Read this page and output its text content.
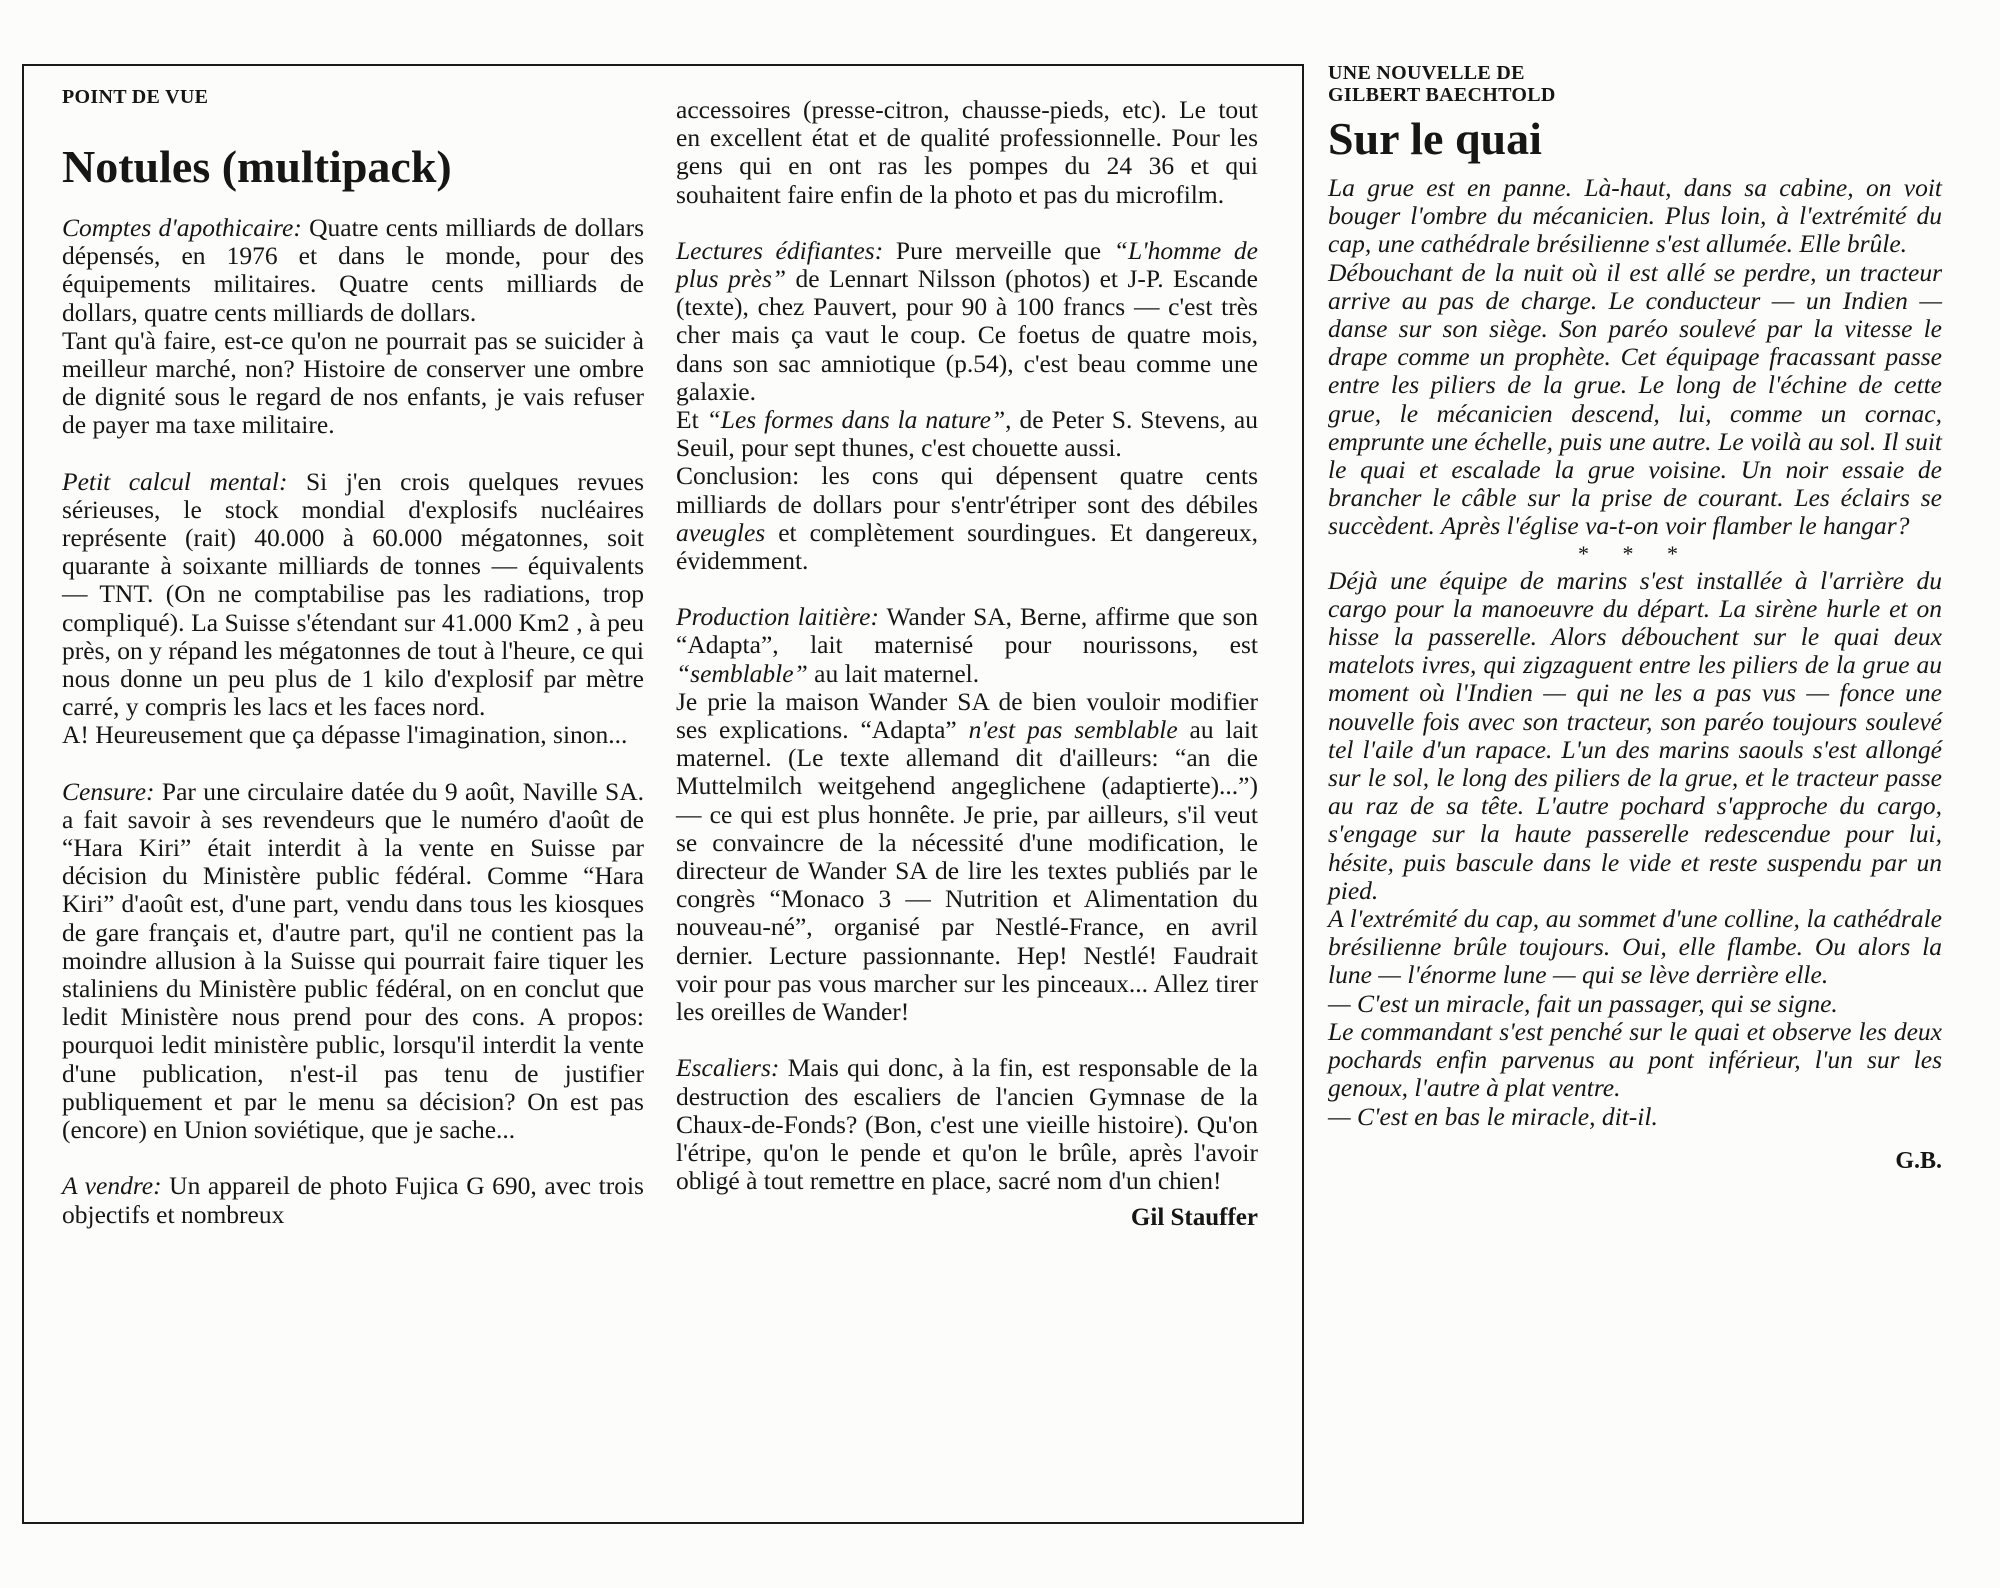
POINT DE VUE
Notules (multipack)

Comptes d'apothicaire: Quatre cents milliards de dollars dépensés, en 1976 et dans le monde, pour des équipements militaires. Quatre cents milliards de dollars, quatre cents milliards de dollars.

Tant qu'à faire, est-ce qu'on ne pourrait pas se suicider à meilleur marché, non? Histoire de conserver une ombre de dignité sous le regard de nos enfants, je vais refuser de payer ma taxe militaire.

Petit calcul mental: Si j'en crois quelques revues sérieuses, le stock mondial d'explosifs nucléaires représente (rait) 40.000 à 60.000 mégatonnes, soit quarante à soixante milliards de tonnes — équivalents — TNT. (On ne comptabilise pas les radiations, trop compliqué). La Suisse s'étendant sur 41.000 Km2 , à peu près, on y répand les mégatonnes de tout à l'heure, ce qui nous donne un peu plus de 1 kilo d'explosif par mètre carré, y compris les lacs et les faces nord.

A! Heureusement que ça dépasse l'imagination, sinon...

Censure: Par une circulaire datée du 9 août, Naville SA. a fait savoir à ses revendeurs que le numéro d'août de “Hara Kiri” était interdit à la vente en Suisse par décision du Ministère public fédéral. Comme “Hara Kiri” d'août est, d'une part, vendu dans tous les kiosques de gare français et, d'autre part, qu'il ne contient pas la moindre allusion à la Suisse qui pourrait faire tiquer les staliniens du Ministère public fédéral, on en conclut que ledit Ministère nous prend pour des cons. A propos: pourquoi ledit ministère public, lorsqu'il interdit la vente d'une publication, n'est-il pas tenu de justifier publiquement et par le menu sa décision? On est pas (encore) en Union soviétique, que je sache...

A vendre: Un appareil de photo Fujica G 690, avec trois objectifs et nombreux

accessoires (presse-citron, chausse-pieds, etc). Le tout en excellent état et de qualité professionnelle. Pour les gens qui en ont ras les pompes du 24 36 et qui souhaitent faire enfin de la photo et pas du microfilm.

Lectures édifiantes: Pure merveille que “L'homme de plus près” de Lennart Nilsson (photos) et J-P. Escande (texte), chez Pauvert, pour 90 à 100 francs — c'est très cher mais ça vaut le coup. Ce foetus de quatre mois, dans son sac amniotique (p.54), c'est beau comme une galaxie.

Et “Les formes dans la nature”, de Peter S. Stevens, au Seuil, pour sept thunes, c'est chouette aussi.

Conclusion: les cons qui dépensent quatre cents milliards de dollars pour s'entr'étriper sont des débiles aveugles et complètement sourdingues. Et dangereux, évidemment.

Production laitière: Wander SA, Berne, affirme que son “Adapta”, lait maternisé pour nourissons, est “semblable” au lait maternel.

Je prie la maison Wander SA de bien vouloir modifier ses explications. “Adapta” n'est pas semblable au lait maternel. (Le texte allemand dit d'ailleurs: “an die Muttelmilch weitgehend angeglichene (adaptierte)...”) — ce qui est plus honnête. Je prie, par ailleurs, s'il veut se convaincre de la nécessité d'une modification, le directeur de Wander SA de lire les textes publiés par le congrès “Monaco 3 — Nutrition et Alimentation du nouveau-né”, organisé par Nestlé-France, en avril dernier. Lecture passionnante. Hep! Nestlé! Faudrait voir pour pas vous marcher sur les pinceaux... Allez tirer les oreilles de Wander!

Escaliers: Mais qui donc, à la fin, est responsable de la destruction des escaliers de l'ancien Gymnase de la Chaux-de-Fonds? (Bon, c'est une vieille histoire). Qu'on l'étripe, qu'on le pende et qu'on le brûle, après l'avoir obligé à tout remettre en place, sacré nom d'un chien!

Gil Stauffer
UNE NOUVELLE DE
GILBERT BAECHTOLD
Sur le quai

La grue est en panne. Là-haut, dans sa cabine, on voit bouger l'ombre du mécanicien. Plus loin, à l'extrémité du cap, une cathédrale brésilienne s'est allumée. Elle brûle.

Débouchant de la nuit où il est allé se perdre, un tracteur arrive au pas de charge. Le conducteur — un Indien — danse sur son siège. Son paréo soulevé par la vitesse le drape comme un prophète. Cet équipage fracassant passe entre les piliers de la grue. Le long de l'échine de cette grue, le mécanicien descend, lui, comme un cornac, emprunte une échelle, puis une autre. Le voilà au sol. Il suit le quai et escalade la grue voisine. Un noir essaie de brancher le câble sur la prise de courant. Les éclairs se succèdent. Après l'église va-t-on voir flamber le hangar?

* * *

Déjà une équipe de marins s'est installée à l'arrière du cargo pour la manoeuvre du départ. La sirène hurle et on hisse la passerelle. Alors débouchent sur le quai deux matelots ivres, qui zigzaguent entre les piliers de la grue au moment où l'Indien — qui ne les a pas vus — fonce une nouvelle fois avec son tracteur, son paréo toujours soulevé tel l'aile d'un rapace. L'un des marins saouls s'est allongé sur le sol, le long des piliers de la grue, et le tracteur passe au raz de sa tête. L'autre pochard s'approche du cargo, s'engage sur la haute passerelle redescendue pour lui, hésite, puis bascule dans le vide et reste suspendu par un pied.

A l'extrémité du cap, au sommet d'une colline, la cathédrale brésilienne brûle toujours. Oui, elle flambe. Ou alors la lune — l'énorme lune — qui se lève derrière elle.

— C'est un miracle, fait un passager, qui se signe.

Le commandant s'est penché sur le quai et observe les deux pochards enfin parvenus au pont inférieur, l'un sur les genoux, l'autre à plat ventre.

— C'est en bas le miracle, dit-il.

G.B.
